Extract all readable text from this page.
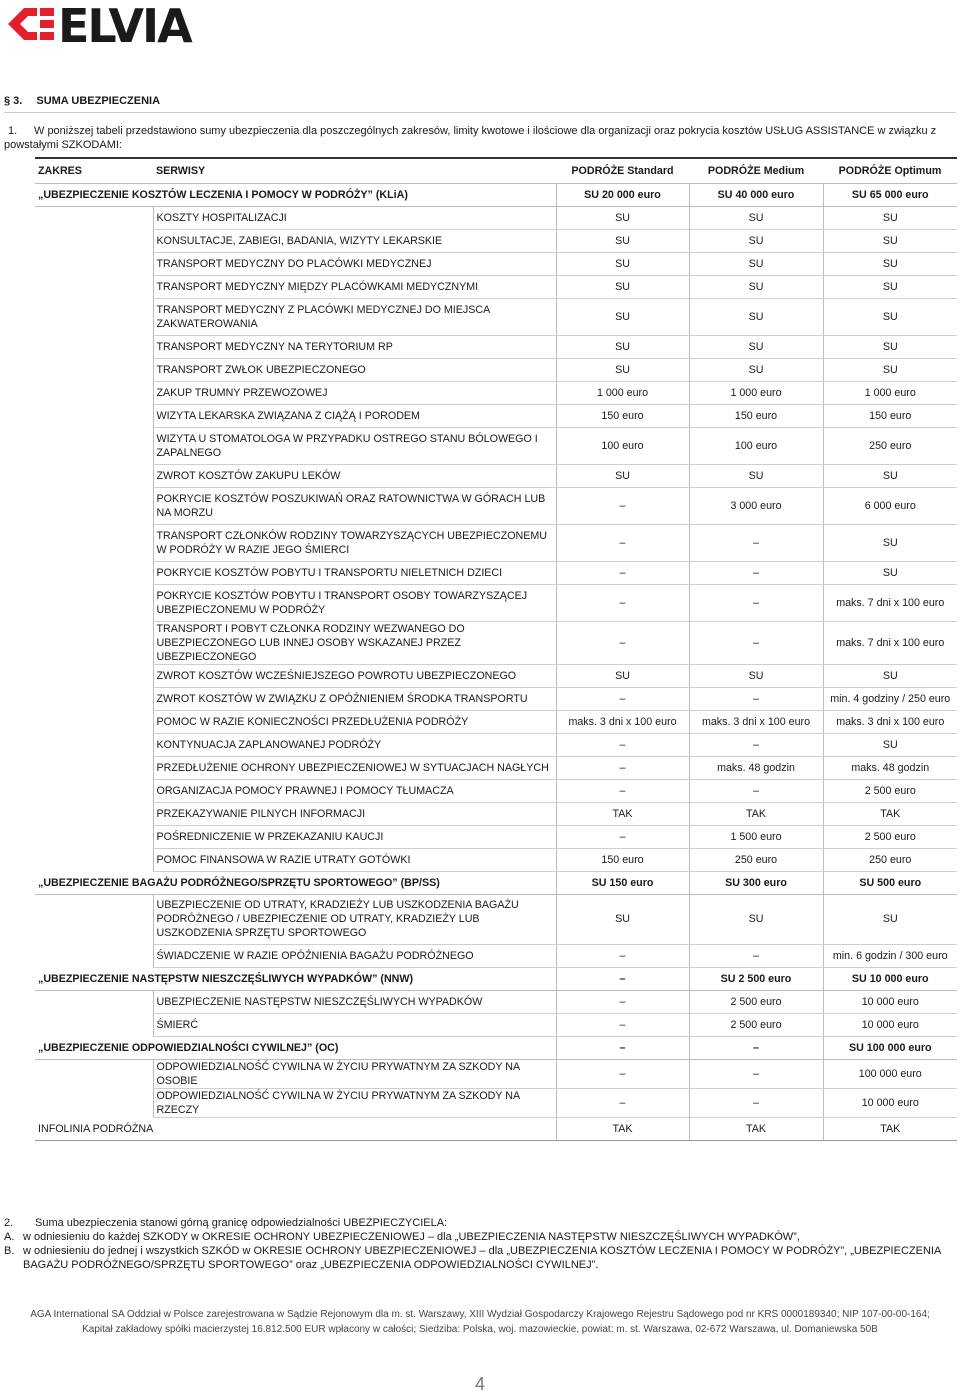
ELVIA
§ 3. SUMA UBEZPIECZENIA
1. W poniższej tabeli przedstawiono sumy ubezpieczenia dla poszczególnych zakresów, limity kwotowe i ilościowe dla organizacji oraz pokrycia kosztów USŁUG ASSISTANCE w związku z powstałymi SZKODAMI:
ZAKRES	SERWISY	PODRÓŻE Standard	PODRÓŻE Medium	PODRÓŻE Optimum
„UBEZPIECZENIE KOSZTÓW LECZENIA I POMOCY W PODRÓŻY” (KLiA)		SU 20 000 euro	SU 40 000 euro	SU 65 000 euro
	KOSZTY HOSPITALIZACJI	SU	SU	SU
	KONSULTACJE, ZABIEGI, BADANIA, WIZYTY LEKARSKIE	SU	SU	SU
	TRANSPORT MEDYCZNY DO PLACÓWKI MEDYCZNEJ	SU	SU	SU
	TRANSPORT MEDYCZNY MIĘDZY PLACÓWKAMI MEDYCZNYMI	SU	SU	SU
	TRANSPORT MEDYCZNY Z PLACÓWKI MEDYCZNEJ DO MIEJSCA ZAKWATEROWANIA	SU	SU	SU
	TRANSPORT MEDYCZNY NA TERYTORIUM RP	SU	SU	SU
	TRANSPORT ZWŁOK UBEZPIECZONEGO	SU	SU	SU
	ZAKUP TRUMNY PRZEWOZOWEJ	1 000 euro	1 000 euro	1 000 euro
	WIZYTA LEKARSKA ZWIĄZANA Z CIĄŻĄ I PORODEM	150 euro	150 euro	150 euro
	WIZYTA U STOMATOLOGA W PRZYPADKU OSTREGO STANU BÓLOWEGO I ZAPALNEGO	100 euro	100 euro	250 euro
	ZWROT KOSZTÓW ZAKUPU LEKÓW	SU	SU	SU
	POKRYCIE KOSZTÓW POSZUKIWAŃ ORAZ RATOWNICTWA W GÓRACH LUB NA MORZU	–	3 000 euro	6 000 euro
	TRANSPORT CZŁONKÓW RODZINY TOWARZYSZĄCYCH UBEZPIECZONEMU W PODRÓŻY W RAZIE JEGO ŚMIERCI	–	–	SU
	POKRYCIE KOSZTÓW POBYTU I TRANSPORTU NIELETNICH DZIECI	–	–	SU
	POKRYCIE KOSZTÓW POBYTU I TRANSPORT OSOBY TOWARZYSZĄCEJ UBEZPIECZONEMU W PODRÓŻY	–	–	maks. 7 dni x 100 euro
	TRANSPORT I POBYT CZŁONKA RODZINY WEZWANEGO DO UBEZPIECZONEGO LUB INNEJ OSOBY WSKAZANEJ PRZEZ UBEZPIECZONEGO	–	–	maks. 7 dni x 100 euro
	ZWROT KOSZTÓW WCZEŚNIEJSZEGO POWROTU UBEZPIECZONEGO	SU	SU	SU
	ZWROT KOSZTÓW W ZWIĄZKU Z OPÓŹNIENIEM ŚRODKA TRANSPORTU	–	–	min. 4 godziny / 250 euro
	POMOC W RAZIE KONIECZNOŚCI PRZEDŁUŻENIA PODRÓŻY	maks. 3 dni x 100 euro	maks. 3 dni x 100 euro	maks. 3 dni x 100 euro
	KONTYNUACJA ZAPLANOWANEJ PODRÓŻY	–	–	SU
	PRZEDŁUŻENIE OCHRONY UBEZPIECZENIOWEJ W SYTUACJACH NAGŁYCH	–	maks. 48 godzin	maks. 48 godzin
	ORGANIZACJA POMOCY PRAWNEJ I POMOCY TŁUMACZA	–	–	2 500 euro
	PRZEKAZYWANIE PILNYCH INFORMACJI	TAK	TAK	TAK
	POŚREDNICZENIE W PRZEKAZANIU KAUCJI	–	1 500 euro	2 500 euro
	POMOC FINANSOWA W RAZIE UTRATY GOTÓWKI	150 euro	250 euro	250 euro
„UBEZPIECZENIE BAGAŻU PODRÓŻNEGO/SPRZĘTU SPORTOWEGO” (BP/SS)		SU 150 euro	SU 300 euro	SU 500 euro
	UBEZPIECZENIE OD UTRATY, KRADZIEŻY LUB USZKODZENIA BAGAŻU PODRÓŻNEGO / UBEZPIECZENIE OD UTRATY, KRADZIEŻY LUB USZKODZENIA SPRZĘTU SPORTOWEGO	SU	SU	SU
	ŚWIADCZENIE W RAZIE OPÓŹNIENIA BAGAŻU PODRÓŻNEGO	–	–	min. 6 godzin / 300 euro
„UBEZPIECZENIE NASTĘPSTW NIESZCZĘŚLIWYCH WYPADKÓW” (NNW)		–	SU 2 500 euro	SU 10 000 euro
	UBEZPIECZENIE NASTĘPSTW NIESZCZĘŚLIWYCH WYPADKÓW	–	2 500 euro	10 000 euro
	ŚMIERĆ	–	2 500 euro	10 000 euro
„UBEZPIECZENIE ODPOWIEDZIALNOŚCI CYWILNEJ” (OC)		–	–	SU 100 000 euro
	ODPOWIEDZIALNOŚĆ CYWILNA W ŻYCIU PRYWATNYM ZA SZKODY NA OSOBIE	–	–	100 000 euro
	ODPOWIEDZIALNOŚĆ CYWILNA W ŻYCIU PRYWATNYM ZA SZKODY NA RZECZY	–	–	10 000 euro
INFOLINIA PODRÓŻNA		TAK	TAK	TAK
2.	Suma ubezpieczenia stanowi górną granicę odpowiedzialności UBEZPIECZYCIELA:
A. w odniesieniu do każdej SZKODY w OKRESIE OCHRONY UBEZPIECZENIOWEJ – dla „UBEZPIECZENIA NASTĘPSTW NIESZCZĘŚLIWYCH WYPADKÓW”,
B. w odniesieniu do jednej i wszystkich SZKÓD w OKRESIE OCHRONY UBEZPIECZENIOWEJ – dla „UBEZPIECZENIA KOSZTÓW LECZENIA I POMOCY W PODRÓŻY”, „UBEZPIECZENIA BAGAŻU PODRÓŻNEGO/SPRZĘTU SPORTOWEGO” oraz „UBEZPIECZENIA ODPOWIEDZIALNOŚCI CYWILNEJ”.
AGA International SA Oddział w Polsce zarejestrowana w Sądzie Rejonowym dla m. st. Warszawy, XIII Wydział Gospodarczy Krajowego Rejestru Sądowego pod nr KRS 0000189340; NIP 107-00-00-164;
Kapitał zakładowy spółki macierzystej 16.812.500 EUR wpłacony w całości; Siedziba: Polska, woj. mazowieckie, powiat: m. st. Warszawa, 02-672 Warszawa, ul. Domaniewska 50B
4
